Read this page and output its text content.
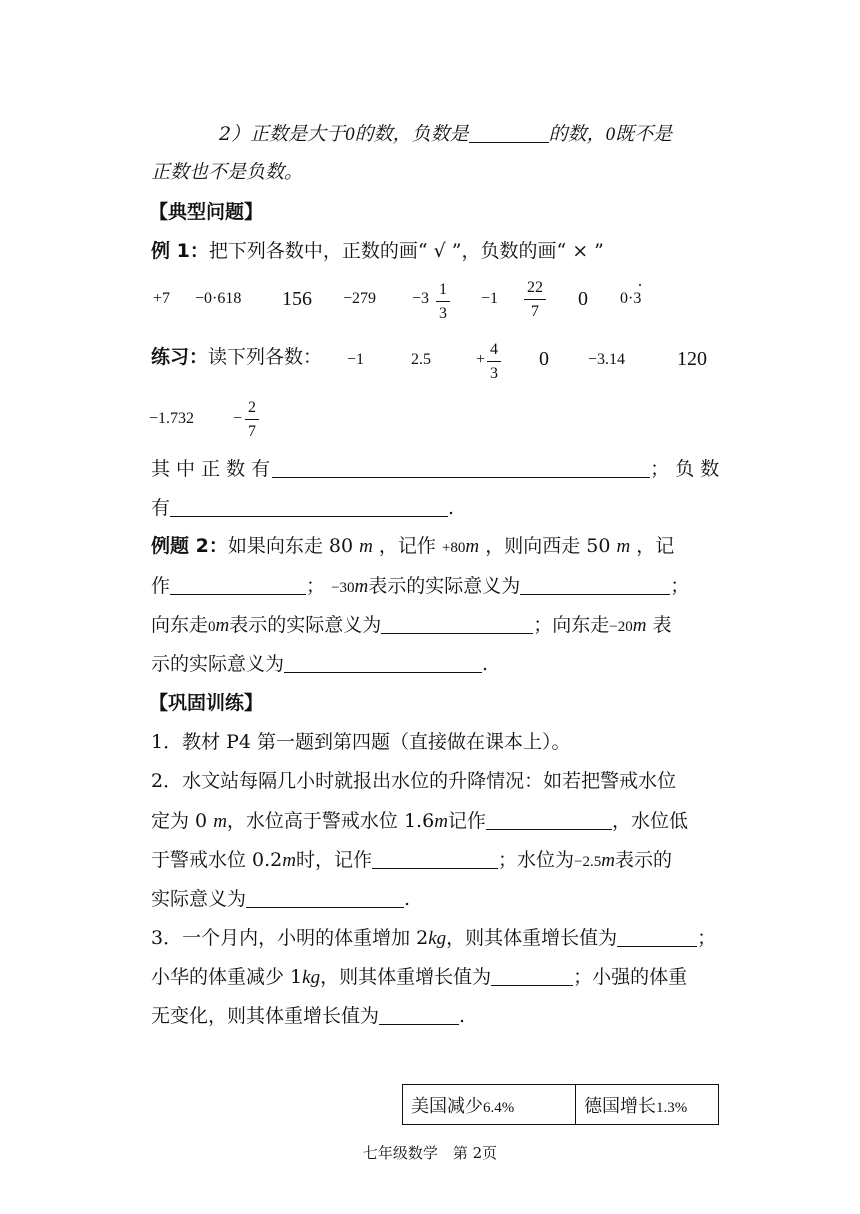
2）正数是大于0的数，负数是	的数，0既不是
正数也不是负数。
【典型问题】
例 1：把下列各数中，正数的画“ √ ”，负数的画“ × ”
+7 −0·618 156 −279 −3
1
3
−1
22
7
0 0·3
练习：读下列各数： −1	2.5	+
4
3
0 −3.14	120
−1.732 −
2
7
其 中 正 数 有	； 负 数
有	.
例题 2：如果向东走 80 m ，记作 +80m ，则向西走 50 m ，记
作	； −30m表示的实际意义为	；
向东走0m表示的实际意义为	；向东走−20m 表
示的实际意义为	.
【巩固训练】
1．教材 P4 第一题到第四题（直接做在课本上）。
2．水文站每隔几小时就报出水位的升降情况：如若把警戒水位
定为 0 m，水位高于警戒水位 1.6m记作	，水位低
于警戒水位 0.2m时，记作	；水位为−2.5m表示的
实际意义为	.
3．一个月内，小明的体重增加 2kg，则其体重增长值为	；
小华的体重减少 1kg，则其体重增长值为	；小强的体重
无变化，则其体重增长值为	.
美国减少6.4%	德国增长1.3%
七年级数学　第 2页
